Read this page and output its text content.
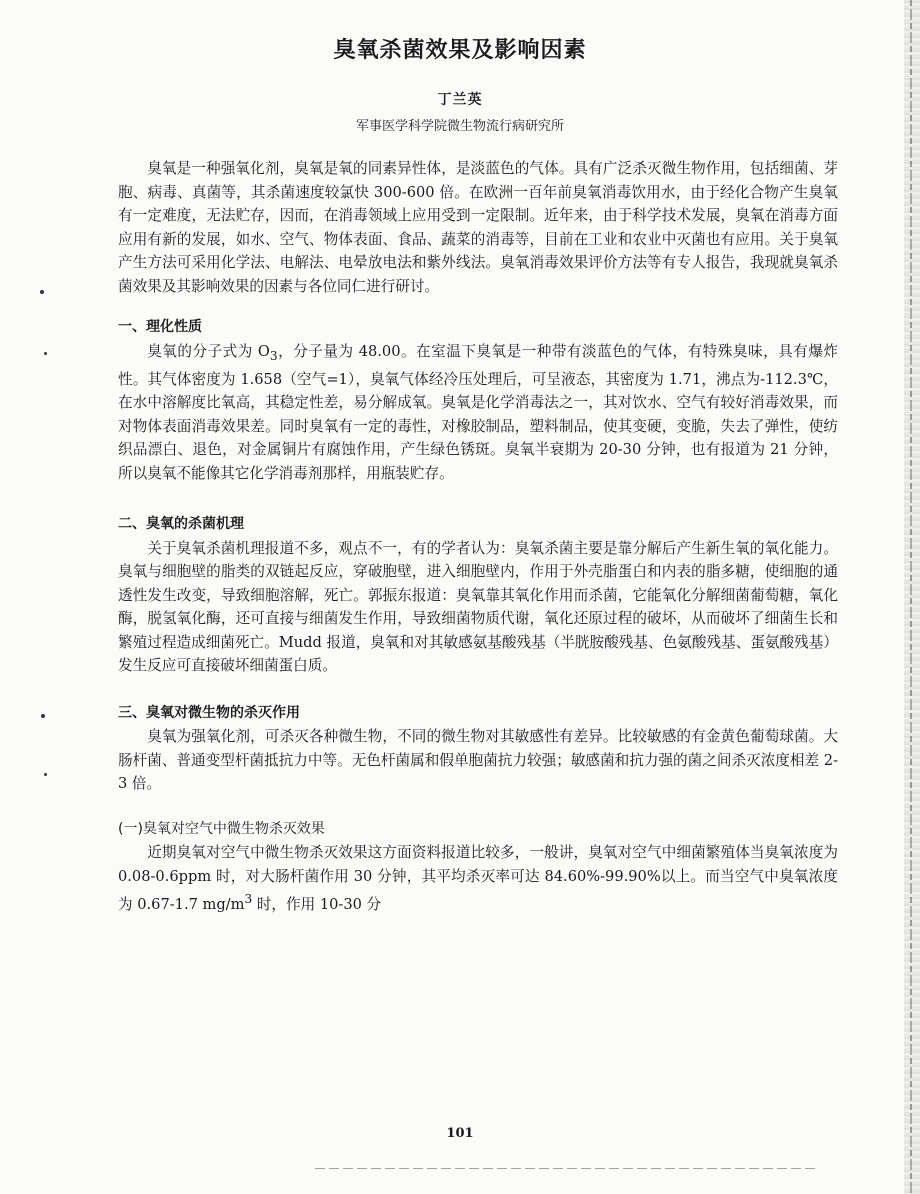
臭氧杀菌效果及影响因素
丁兰英
军事医学科学院微生物流行病研究所

臭氧是一种强氧化剂，臭氧是氧的同素异性体，是淡蓝色的气体。具有广泛杀灭微生物作用，包括细菌、芽胞、病毒、真菌等，其杀菌速度较氯快 300-600 倍。在欧洲一百年前臭氧消毒饮用水，由于经化合物产生臭氧有一定难度，无法贮存，因而，在消毒领域上应用受到一定限制。近年来，由于科学技术发展，臭氧在消毒方面应用有新的发展，如水、空气、物体表面、食品、蔬菜的消毒等，目前在工业和农业中灭菌也有应用。关于臭氧产生方法可采用化学法、电解法、电晕放电法和紫外线法。臭氧消毒效果评价方法等有专人报告，我现就臭氧杀菌效果及其影响效果的因素与各位同仁进行研讨。

一、理化性质

臭氧的分子式为 $O_3$，分子量为 48.00。在室温下臭氧是一种带有淡蓝色的气体，有特殊臭味，具有爆炸性。其气体密度为 1.658（空气=1），臭氧气体经冷压处理后，可呈液态，其密度为 1.71，沸点为-112.3℃，在水中溶解度比氧高，其稳定性差，易分解成氧。臭氧是化学消毒法之一，其对饮水、空气有较好消毒效果，而对物体表面消毒效果差。同时臭氧有一定的毒性，对橡胶制品，塑料制品，使其变硬，变脆，失去了弹性，使纺织品漂白、退色，对金属铜片有腐蚀作用，产生绿色锈斑。臭氧半衰期为 20-30 分钟，也有报道为 21 分钟，所以臭氧不能像其它化学消毒剂那样，用瓶装贮存。

二、臭氧的杀菌机理

关于臭氧杀菌机理报道不多，观点不一，有的学者认为：臭氧杀菌主要是靠分解后产生新生氧的氧化能力。臭氧与细胞壁的脂类的双链起反应，穿破胞壁，进入细胞壁内，作用于外壳脂蛋白和内表的脂多糖，使细胞的通透性发生改变，导致细胞溶解，死亡。郭振东报道：臭氧靠其氧化作用而杀菌，它能氧化分解细菌葡萄糖，氧化酶，脱氢氧化酶，还可直接与细菌发生作用，导致细菌物质代谢，氧化还原过程的破坏，从而破坏了细菌生长和繁殖过程造成细菌死亡。Mudd 报道，臭氧和对其敏感氨基酸残基（半胱胺酸残基、色氨酸残基、蛋氨酸残基）发生反应可直接破坏细菌蛋白质。

三、臭氧对微生物的杀灭作用

臭氧为强氧化剂，可杀灭各种微生物，不同的微生物对其敏感性有差异。比较敏感的有金黄色葡萄球菌。大肠杆菌、普通变型杆菌抵抗力中等。无色杆菌属和假单胞菌抗力较强；敏感菌和抗力强的菌之间杀灭浓度相差 2-3 倍。

(一)臭氧对空气中微生物杀灭效果

近期臭氧对空气中微生物杀灭效果这方面资料报道比较多，一般讲，臭氧对空气中细菌繁殖体当臭氧浓度为 0.08-0.6ppm 时，对大肠杆菌作用 30 分钟，其平均杀灭率可达 84.60%-99.90%以上。而当空气中臭氧浓度为 0.67-1.7 $mg/m^3$ 时，作用 10-30 分

101
